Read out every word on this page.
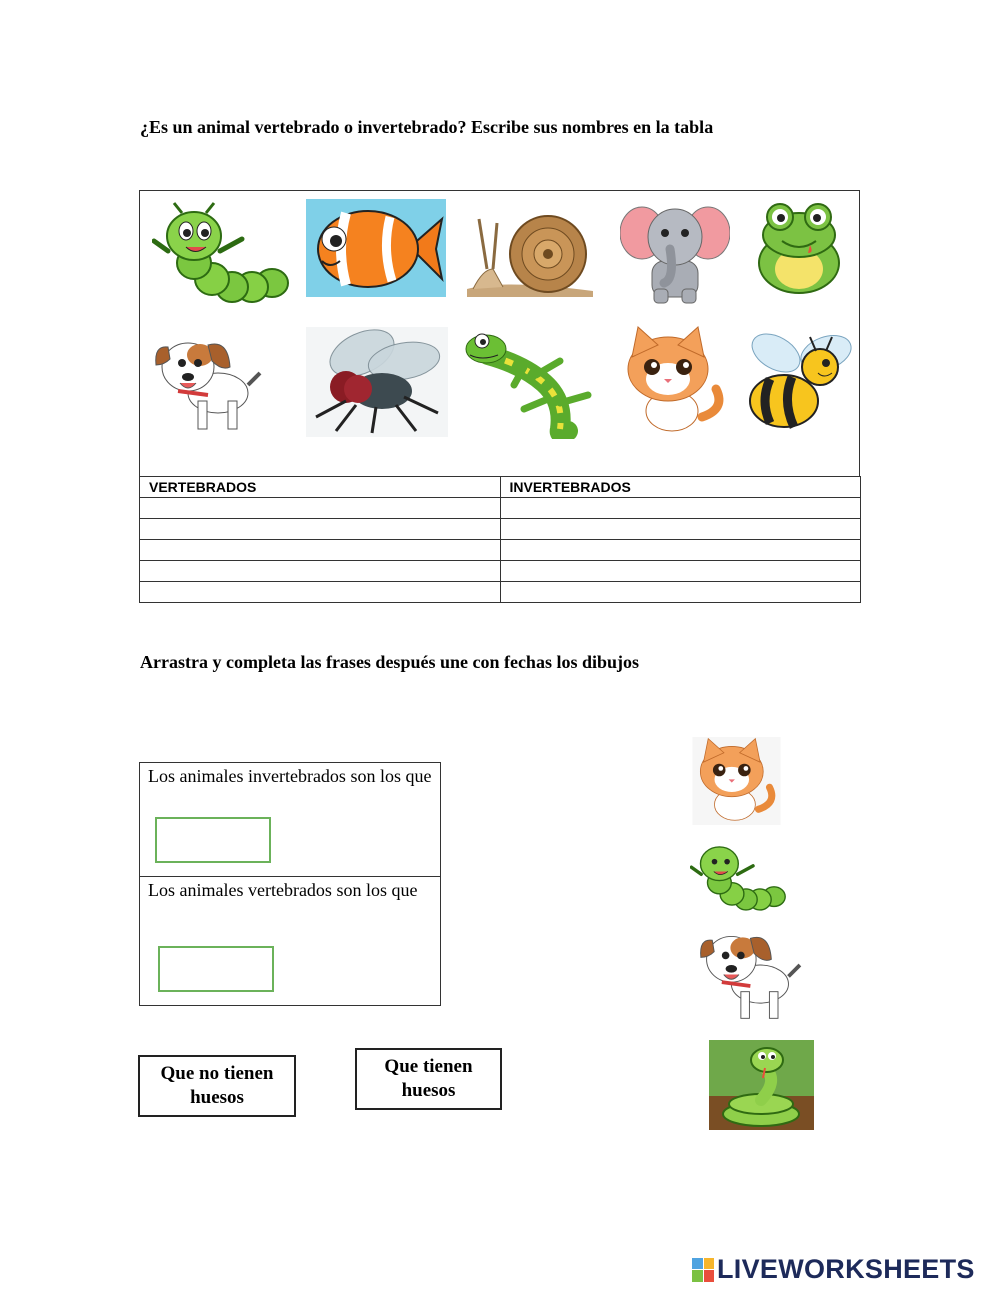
¿Es un animal vertebrado o invertebrado? Escribe sus nombres en la tabla
VERTEBRADOS	INVERTEBRADOS

Arrastra y completa las frases después une con fechas los dibujos
Los animales invertebrados son los que
Los animales vertebrados son los que
Que no tienen huesos
Que tienen huesos
LIVEWORKSHEETS
